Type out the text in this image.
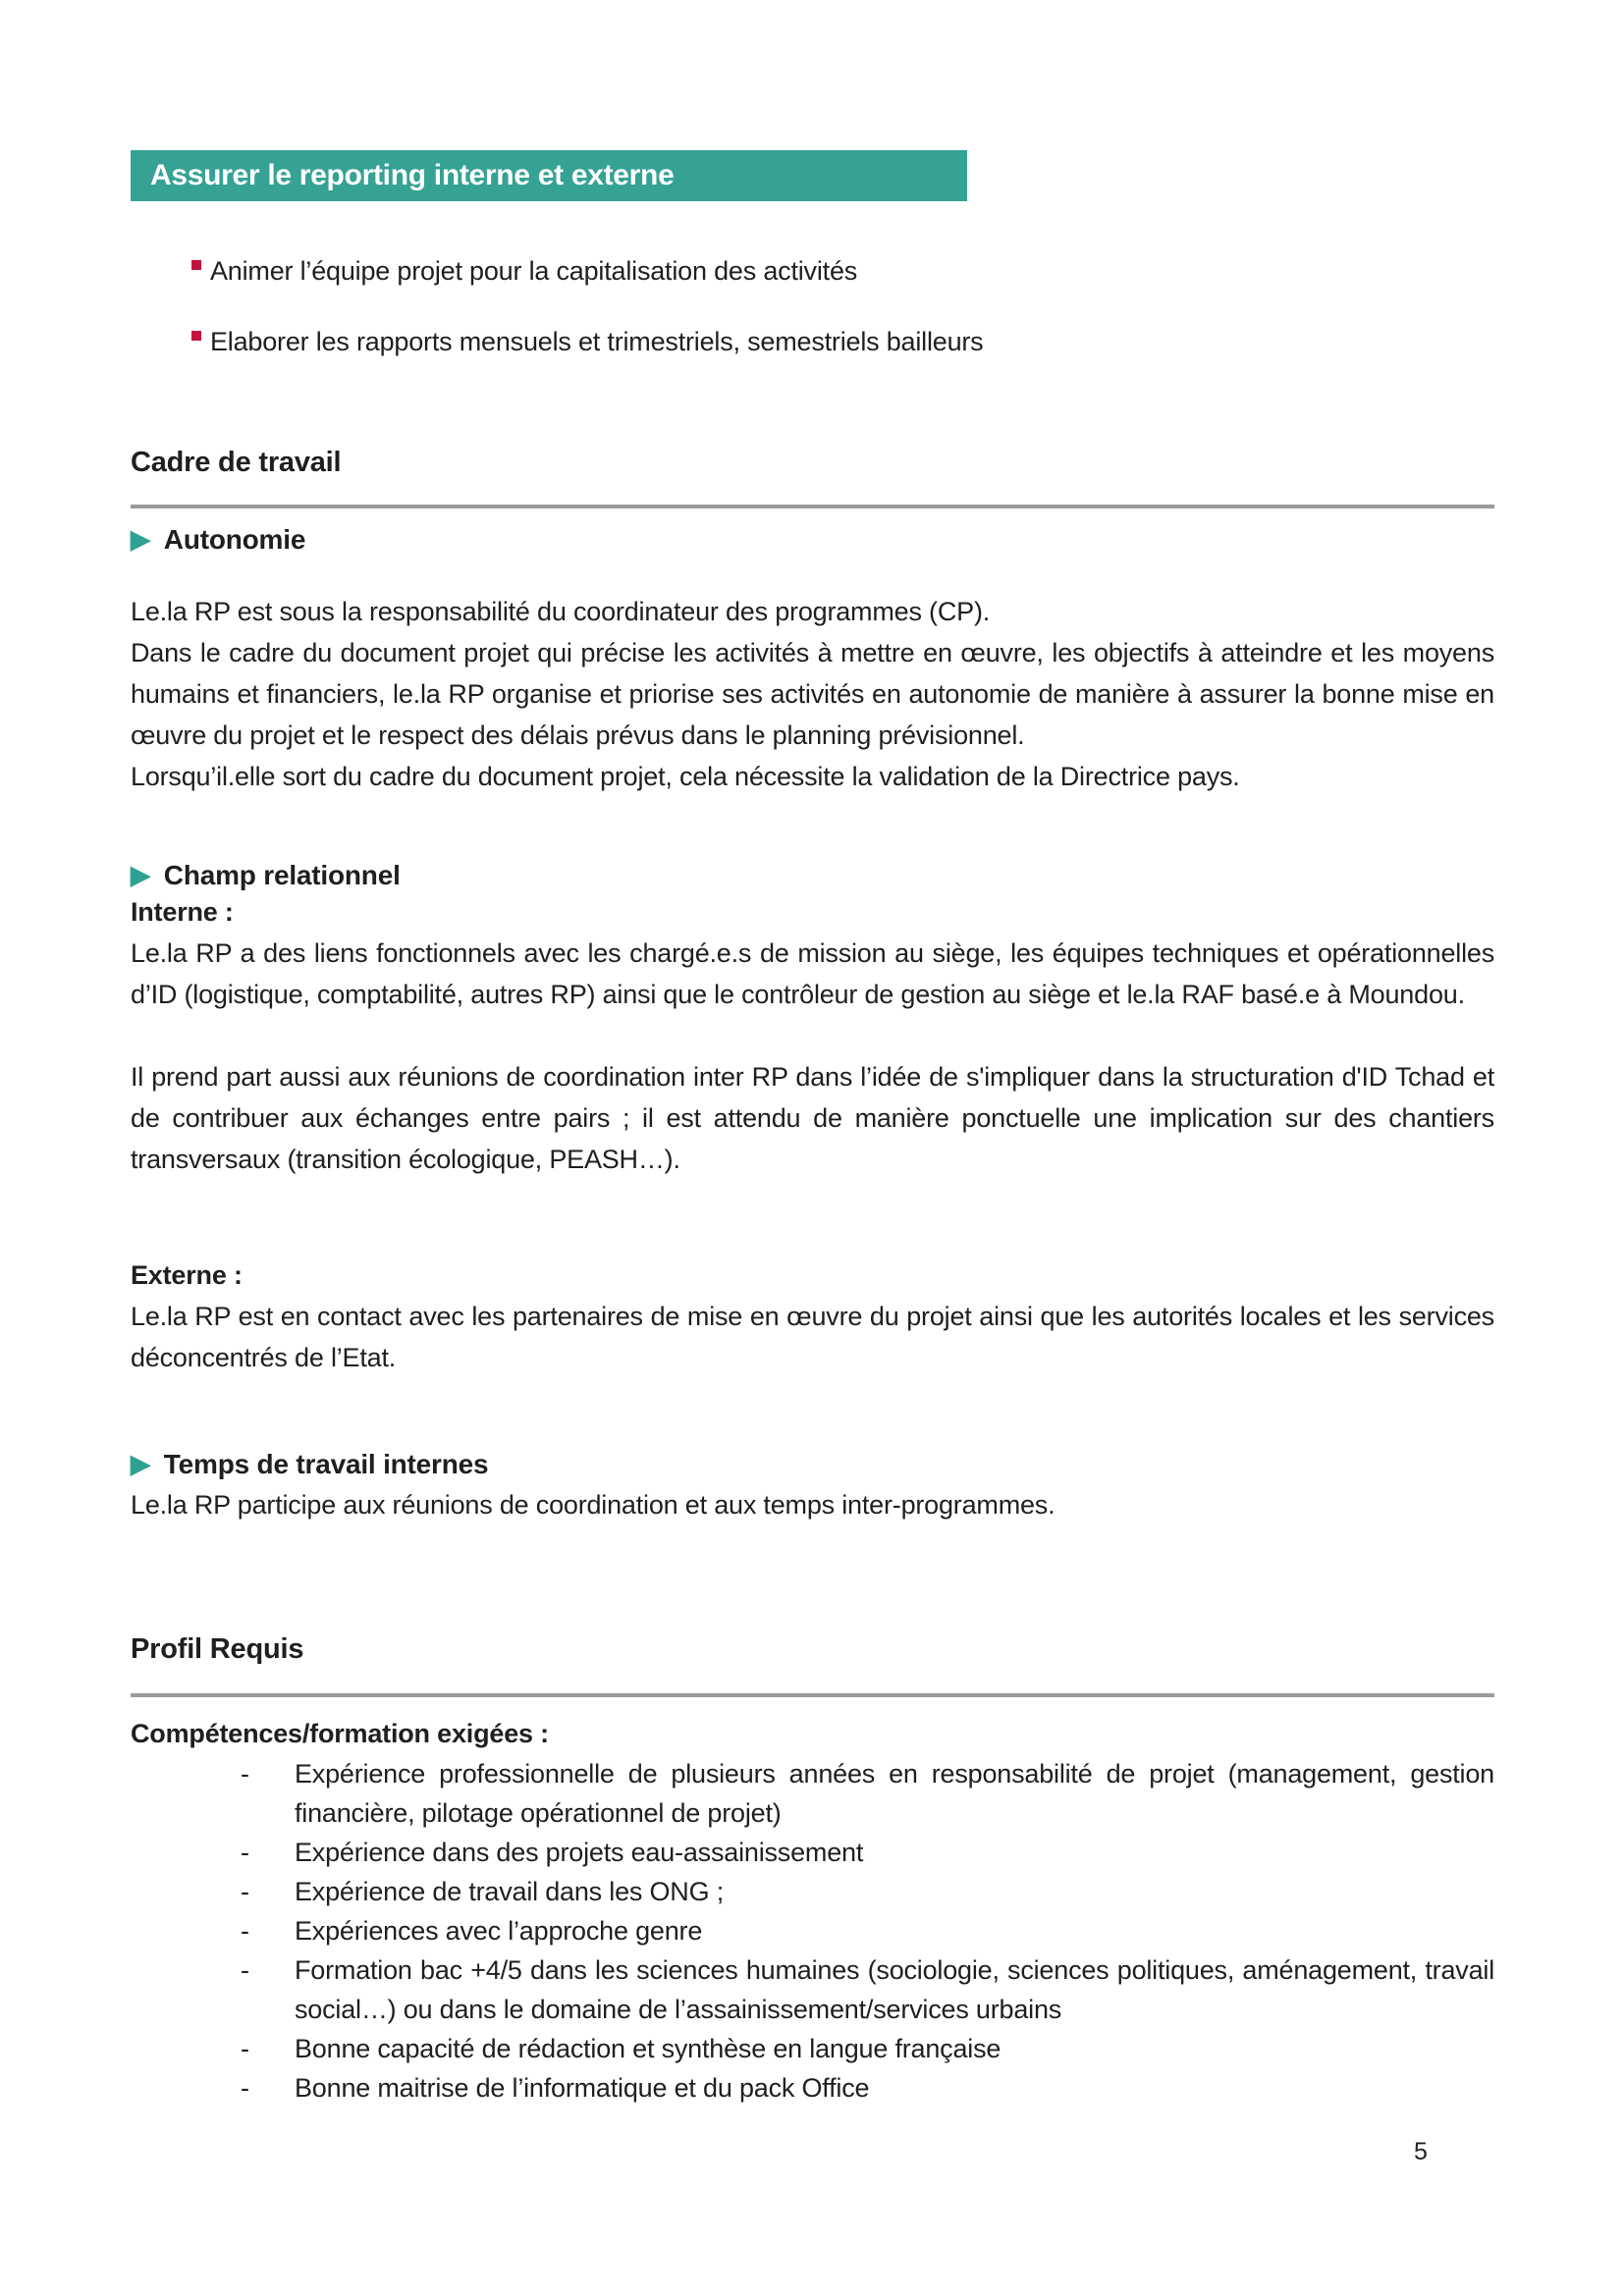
Assurer le reporting interne et externe
Animer l’équipe projet pour la capitalisation des activités
Elaborer les rapports mensuels et trimestriels, semestriels bailleurs
Cadre de travail
▶ Autonomie

Le.la RP est sous la responsabilité du coordinateur des programmes (CP).

Dans le cadre du document projet qui précise les activités à mettre en œuvre, les objectifs à atteindre et les moyens humains et financiers, le.la RP organise et priorise ses activités en autonomie de manière à assurer la bonne mise en œuvre du projet et le respect des délais prévus dans le planning prévisionnel.

Lorsqu’il.elle sort du cadre du document projet, cela nécessite la validation de la Directrice pays.

▶ Champ relationnel
Interne :

Le.la RP a des liens fonctionnels avec les chargé.e.s de mission au siège, les équipes techniques et opérationnelles d’ID (logistique, comptabilité, autres RP) ainsi que le contrôleur de gestion au siège et le.la RAF basé.e à Moundou.

Il prend part aussi aux réunions de coordination inter RP dans l’idée de s'impliquer dans la structuration d'ID Tchad et de contribuer aux échanges entre pairs ; il est attendu de manière ponctuelle une implication sur des chantiers transversaux (transition écologique, PEASH…).

Externe :

Le.la RP est en contact avec les partenaires de mise en œuvre du projet ainsi que les autorités locales et les services déconcentrés de l’Etat.

▶ Temps de travail internes

Le.la RP participe aux réunions de coordination et aux temps inter-programmes.

Profil Requis
Compétences/formation exigées :
-	Expérience professionnelle de plusieurs années en responsabilité de projet (management, gestion financière, pilotage opérationnel de projet)
-	Expérience dans des projets eau-assainissement
-	Expérience de travail dans les ONG ;
-	Expériences avec l’approche genre
-	Formation bac +4/5 dans les sciences humaines (sociologie, sciences politiques, aménagement, travail social…) ou dans le domaine de l’assainissement/services urbains
-	Bonne capacité de rédaction et synthèse en langue française
-	Bonne maitrise de l’informatique et du pack Office
5
